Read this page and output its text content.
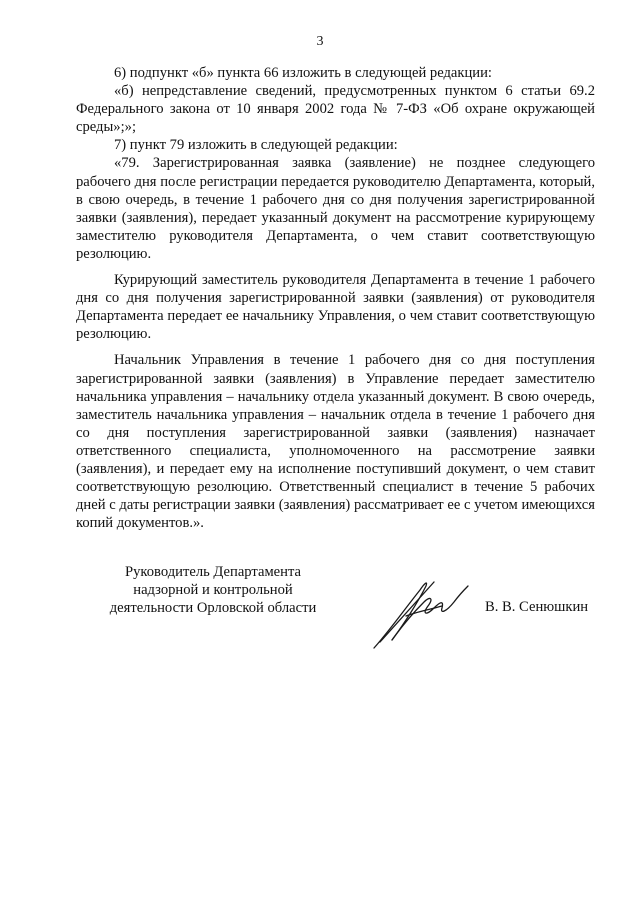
3

6) подпункт «б» пункта 66 изложить в следующей редакции:

«б) непредставление сведений, предусмотренных пунктом 6 статьи 69.2 Федерального закона от 10 января 2002 года № 7-ФЗ «Об охране окружающей среды»;»;

7) пункт 79 изложить в следующей редакции:

«79. Зарегистрированная заявка (заявление) не позднее следующего рабочего дня после регистрации передается руководителю Департамента, который, в свою очередь, в течение 1 рабочего дня со дня получения зарегистрированной заявки (заявления), передает указанный документ на рассмотрение курирующему заместителю руководителя Департамента, о чем ставит соответствующую резолюцию.

Курирующий заместитель руководителя Департамента в течение 1 рабочего дня со дня получения зарегистрированной заявки (заявления) от руководителя Департамента передает ее начальнику Управления, о чем ставит соответствующую резолюцию.

Начальник Управления в течение 1 рабочего дня со дня поступления зарегистрированной заявки (заявления) в Управление передает заместителю начальника управления – начальнику отдела указанный документ. В свою очередь, заместитель начальника управления – начальник отдела в течение 1 рабочего дня со дня поступления зарегистрированной заявки (заявления) назначает ответственного специалиста, уполномоченного на рассмотрение заявки (заявления), и передает ему на исполнение поступивший документ, о чем ставит соответствующую резолюцию. Ответственный специалист в течение 5 рабочих дней с даты регистрации заявки (заявления) рассматривает ее с учетом имеющихся копий документов.».

Руководитель Департамента
надзорной и контрольной
деятельности Орловской области	В. В. Сенюшкин
